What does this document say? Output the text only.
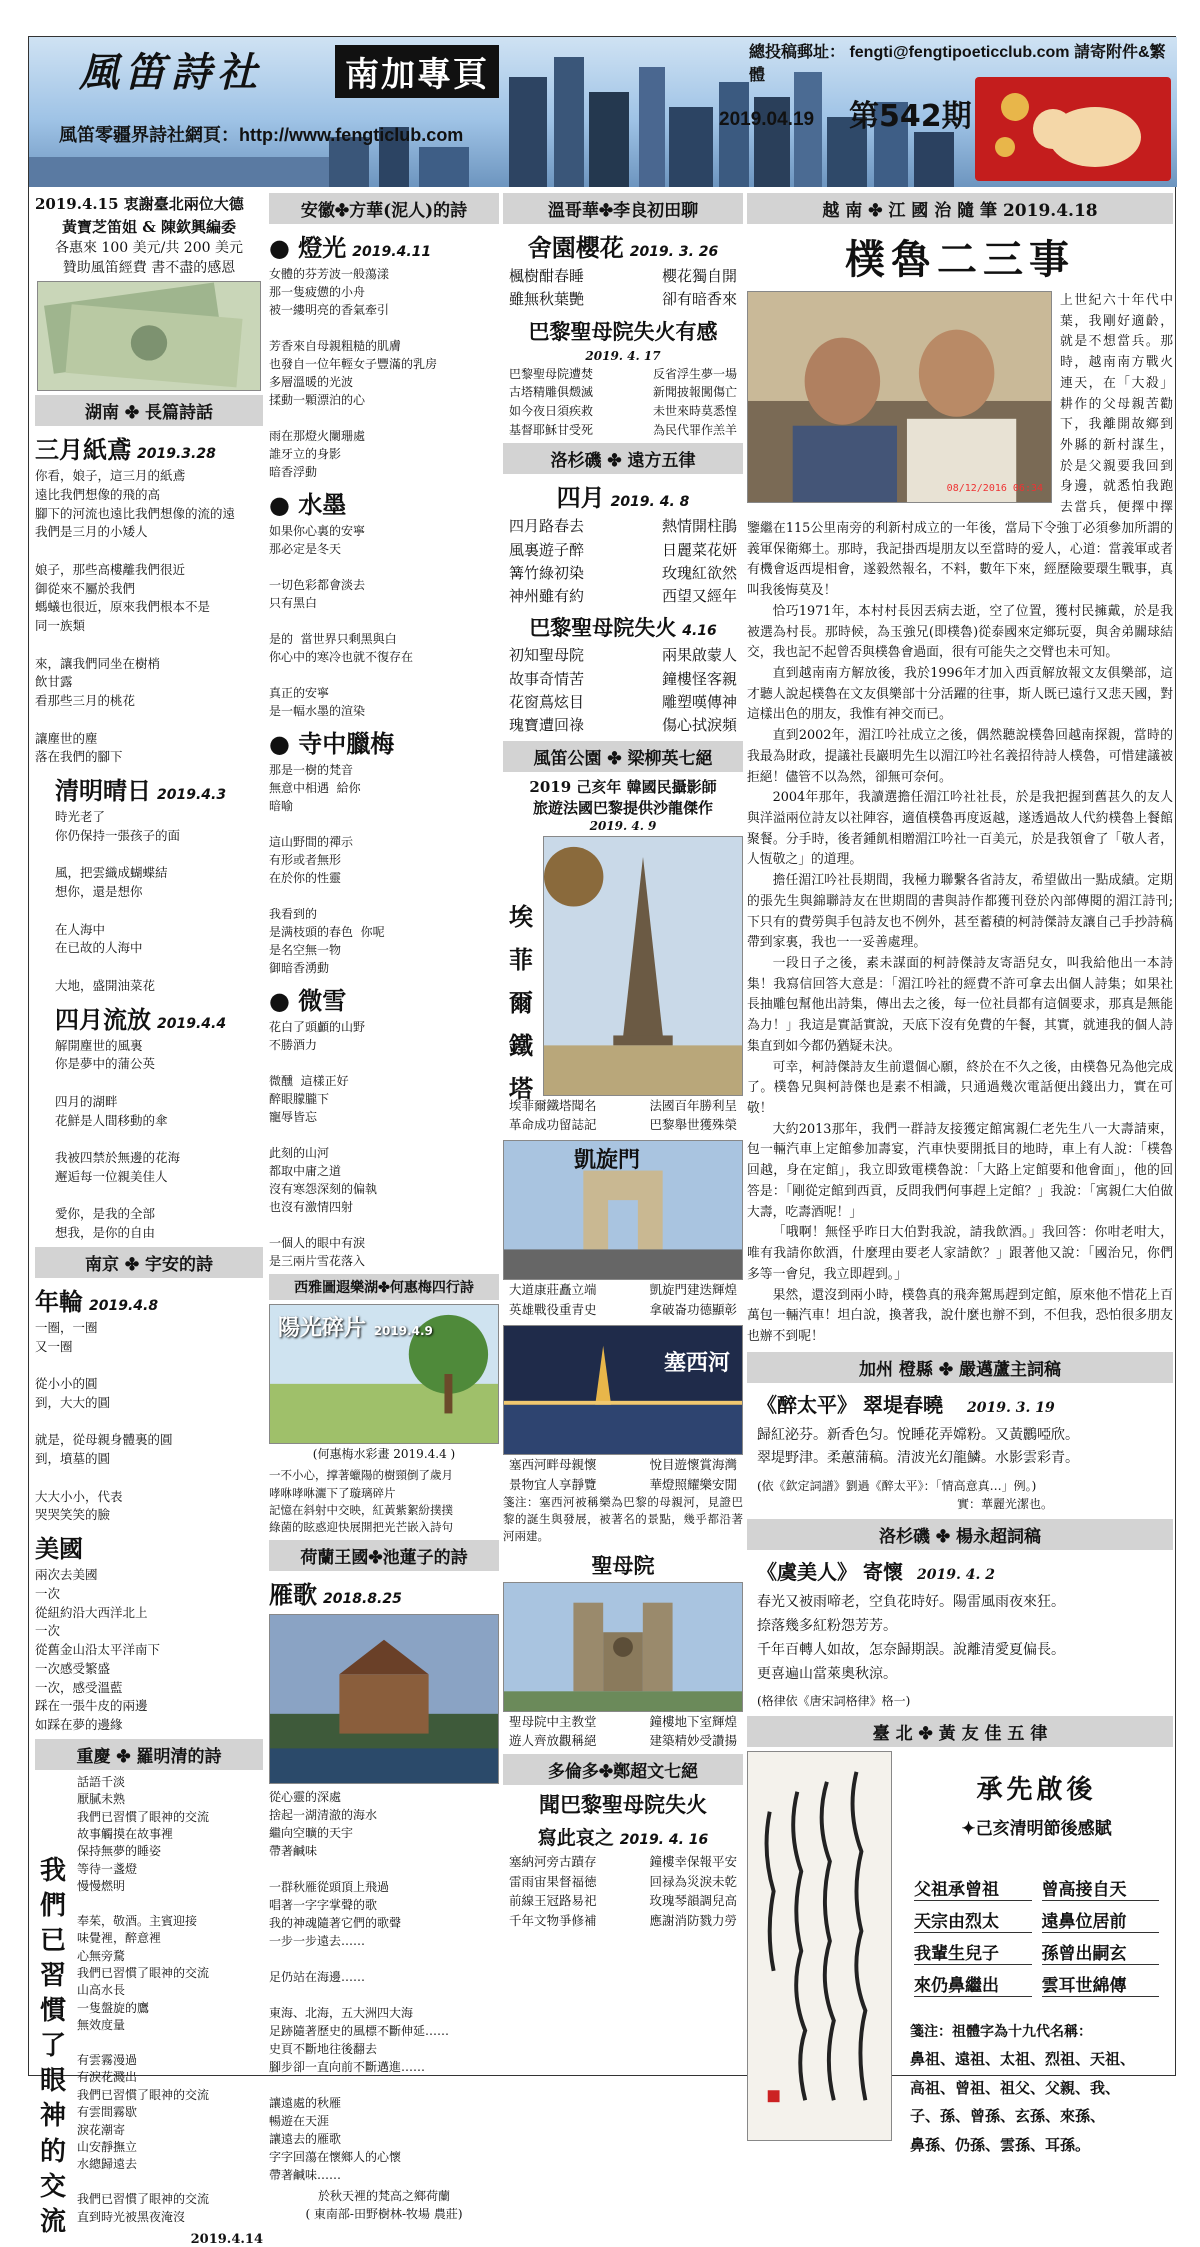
風笛詩社 南加專頁
風笛零疆界詩社網頁：http://www.fengticlub.com
總投稿郵址： fengti@fengtipoeticclub.com 請寄附件&繁體
2019.04.19 第542期
2019.4.15 衷謝臺北兩位大德
黃寶芝笛姐 & 陳欽興編委
各惠來 100 美元/共 200 美元
贊助風笛經費 書不盡的感恩
湖南 ✤ 長篇詩話
三月紙鳶 2019.3.28
你看，娘子，這三月的紙鳶
遠比我們想像的飛的高
腳下的河流也遠比我們想像的流的遠
我們是三月的小矮人

娘子，那些高樓離我們很近
御從來不屬於我們
螞蟻也很近，原來我們根本不是
同一族類

來，讓我們同坐在樹梢
飲甘露
看那些三月的桃花

讓塵世的塵
落在我們的腳下
清明晴日 2019.4.3
時光老了
你仍保持一張孩子的面

風，把雲織成蝴蝶結
想你，還是想你

在人海中
在已故的人海中

大地，盛開油菜花
四月流放 2019.4.4
解開塵世的風裏
你是夢中的蒲公英

四月的湖畔
花鮮是人間移動的傘

我被四禁於無邊的花海
邂逅每一位親美佳人

愛你，是我的全部
想我，是你的自由
南京 ✤ 宇安的詩
年輪 2019.4.8
一圈，一圈
又一圈

從小小的圓
到，大大的圓

就是，從母親身體裏的圓
到，墳墓的圓

大大小小，代表
哭哭笑笑的臉
美國
兩次去美國
一次
從紐約沿大西洋北上
一次
從舊金山沿太平洋南下
一次感受繁盛
一次，感受溫藍
踩在一張牛皮的兩邊
如踩在夢的邊緣
重慶 ✤ 羅明清的詩
我們已習慣了眼神的交流
話語千淡
厭膩未熟
我們已習慣了眼神的交流
故事觸摸在故事裡
保持無夢的睡姿
等待一盞燈
慢慢燃明

奉茱，敬酒。主賓迎接
味覺裡，醉意裡
心無旁騖
我們已習慣了眼神的交流
山高水長
一隻盤旋的鷹
無效度量

有雲霧漫過
有淚花濺出
我們已習慣了眼神的交流
有雲間霧歇
淚花潮寄
山安靜撫立
水總歸遠去

我們已習慣了眼神的交流
直到時光被黑夜淹沒
2019.4.14
安徽✤方華(泥人)的詩
● 燈光 2019.4.11
女體的芬芳波一般蕩漾
那一隻疲憊的小舟
被一縷明亮的香氣牽引

芳香來自母親粗糙的肌膚
也發自一位年輕女子豐滿的乳房
多層溫暖的光波
揉動一顆漂泊的心

雨在那燈火闌珊處
誰牙立的身影
暗香浮動
● 水墨
如果你心裏的安寧
那必定是冬天

一切色彩都會淡去
只有黑白

是的  當世界只剩黑與白
你心中的寒冷也就不復存在

真正的安寧
是一幅水墨的渲染
● 寺中臘梅
那是一樹的梵音
無意中相遇  給你
暗喻

這山野間的禪示
有形或者無形
在於你的性靈

我看到的
是满枝頭的春色  你呢
是名空無一物
御暗香湧動
● 微雪
花白了頭顱的山野
不勝酒力

微醺  這樣正好
醉眼朦朧下
寵辱皆忘

此刻的山河
都取中庸之道
沒有寒怨深刻的偏執
也沒有激情四射

一個人的眼中有淚
是三兩片雪花落入
西雅圖遐樂湖✤何惠梅四行詩
陽光碎片 2019.4.9
(何惠梅水彩畫 2019.4.4 )
一不小心，撑著蠟陽的樹頸倒了歲月
哮咻哮咻灑下了璇璃碎片
記憶在斜射中交映，紅黃紫絮紛撲撲
綠菌的眩惑迎快展開把光芒嵌入詩句
荷蘭王國✤池蓮子的詩
雁歌 2018.8.25
從心靈的深處
捨起一湖清澈的海水
繼向空曠的天宇
帶著鹹味

一群秋雁從頭頂上飛過
唱著一字字掌聲的歌
我的神魂隨著它們的歌聲
一步一步遠去……

足仍站在海邊……

東海、北海，五大洲四大海
足跡隨著歷史的風標不斷伸延……
史頁不斷地往後翻去
腳步卻一直向前不斷邁進……

讓遠處的秋雁
暢遊在天涯
讓遠去的雁歌
字字回蕩在懷鄉人的心懷
帶著鹹味……
於秋天裡的梵高之鄉荷蘭
( 東南部-田野樹林-牧場 農莊)
溫哥華✤李良初田聊
舍園櫻花 2019. 3. 26
楓樹酣春睡	櫻花獨自開
雖無秋葉艷	卻有暗香來
巴黎聖母院失火有感
2019. 4. 17
巴黎聖母院遭焚	反省浮生夢一場
古塔精雕俱燬滅	新聞披報闖傷亡
如今夜日須疾救	未世來時莫悉惶
基督耶穌甘受死	為民代罪作羔羊
洛杉磯 ✤ 遠方五律
四月 2019. 4. 8
四月路春去	熱情開柱鵑
風裏遊子醉	日麗菜花妍
篝竹綠初染	玫瑰紅欲然
神州雖有約	西望又經年
巴黎聖母院失火 4.16
初知聖母院	兩果啟蒙人
故事奇情苦	鐘樓怪客親
花窗蔦炫目	雕塑嘆傳神
瑰寶遭回祿	傷心拭淚頻
風笛公園 ✤ 梁柳英七絕
2019 己亥年 韓國民攝影師
旅遊法國巴黎提供沙龍傑作
2019. 4. 9
埃菲爾鐵塔
埃菲爾鐵塔聞名	法國百年勝利呈
革命成功留誌記	巴黎舉世獲殊榮
凱旋門
大道康莊矗立端	凱旋門建迭輝煌
英雄戰役重青史	拿破崙功德顯彰
塞西河
塞西河畔母親懷	悅目遊懷賞海灣
景物宜人享靜覽	華燈照耀樂安閒
箋注：塞西河被稱樂為巴黎的母親河，見證巴黎的誕生與發展，被著名的景點，幾乎都沿著河兩建。
聖母院
聖母院中主教堂	鐘樓地下室輝煌
遊人齊放觀稱絕	建築精妙受讚揚
多倫多✤鄭超文七絕
聞巴黎聖母院失火
寫此哀之 2019. 4. 16
塞納河旁古蹟存	鐘樓幸保報平安
雷雨宙果督福徳	回禄為災淚未乾
前線王冠路易祀	玫瑰琴韻調兒高
千年文物爭修補	應謝消防戮力勞
越 南 ✤ 江 國 治 隨 筆 2019.4.18
樸魯二三事
08/12/2016 06:34

上世紀六十年代中葉，我剛好適齡，就是不想當兵。那時，越南南方戰火連天，在「大殺」耕作的父母親苦勸下，我離開故鄉到外縣的新村謀生，於是父親要我回到身邊，就悉怕我跑去當兵，便擇中擇鑒繼在115公里南旁的利新村成立的一年後，當局下令強丁必須參加所謂的義軍保衛鄉土。那時，我記掛西堤朋友以至當時的爱人，心道：當義軍或者有機會返西堤相會，遂毅然報名，不料，數年下來，經歷險要環生戰事，真叫我後悔莫及！

恰巧1971年，本村村長因丟病去逝，空了位置，獲村民擁戴，於是我被選為村長。那時候，為玉強兄(即樸魯)從泰國來定鄉玩耍，與舍弟關球結交，我也記不起曾否與樸魯會過面，很有可能失之交臂也未可知。

直到越南南方解放後，我於1996年才加入西貢解放報文友俱樂部，這才聽人說起樸魯在文友俱樂部十分活躍的往事，斯人既已遠行又悲天國，對這樣出色的朋友，我惟有神交而已。

直到2002年，湄江吟社成立之後，偶然聽說樸魯回越南探親，當時的我最為財政，提議社長巖明先生以湄江吟社名義招待詩人樸魯，可惜建議被拒絕！儘管不以為然，卻無可奈何。

2004年那年，我讀選擔任湄江吟社社長，於是我把握到舊甚久的友人與洋溢兩位詩友以社陣容，適值樸魯再度返越，遂透過故人代約樸魯上餐館聚餐。分手時，後者鍾飢相贈湄江吟社一百美元，於是我領會了「敬人者，人恆敬之」的道理。

擔任湄江吟社長期間，我極力聯繫各省詩友，希望做出一點成績。定期的張先生與錦聯詩友在世期間的書與詩作都獲刊登於內部傳閱的湄江詩刊;下只有的費勞與手包詩友也不例外，甚至蓄積的柯詩傑詩友讓自己手抄詩稿帶到家裏，我也一一妥善處理。

一段日子之後，素未謀面的柯詩傑詩友寄語兒女，叫我給他出一本詩集！我寫信回答大意是：「湄江吟社的經費不許可拿去出個人詩集；如果社長抽雕包幫他出詩集，傳出去之後，每一位社員都有這個要求，那真是無能為力！」我這是實話實說，天底下沒有免費的午餐，其實，就連我的個人詩集直到如今都仍猶疑未決。

可幸，柯詩傑詩友生前還個心願，終於在不久之後，由樸魯兄為他完成了。樸魯兄與柯詩傑也是素不相識，只通過幾次電話便出錢出力，實在可敬！

大約2013那年，我們一群詩友接獲定館寓親仁老先生八一大壽請柬，包一輛汽車上定館參加壽宴，汽車快要開抵目的地時，車上有人說：「樸魯回越，身在定館」，我立即致電樸魯說：「大路上定館要和他會面」，他的回答是：「剛從定館到西貢，反問我們何事趕上定館？」我說：「寓親仁大伯做大壽，吃壽酒呢！」

「哦啊！無怪乎昨日大伯對我說，請我飲酒。」我回答：你咁老咁大，唯有我請你飲酒，什麼理由要老人家請飲？」跟著他又說：「國治兄，你們多等一會兒，我立即趕到。」

果然，還沒到兩小時，樸魯真的飛奔駕馬趕到定館，原來他不惜花上百萬包一輛汽車！坦白說，換著我，說什麼也辦不到，不但我，恐怕很多朋友也辦不到呢！

加州 橙縣 ✤ 嚴邁蘆主詞稿
《醉太平》 翠堤春曉 2019. 3. 19
歸紅泌芬。新香色匀。悅睡花弄嫦粉。又黃鸝啞欣。
翠堤野津。柔蕙蒲稿。清波光幻龍鱗。水影雲彩青。
(依《欽定詞譜》劉過《醉太平》：「情高意真…」例。)
實：華麗光潔也。
洛杉磯 ✤ 楊永超詞稿
《虞美人》 寄懷 2019. 4. 2
春光又被雨啼老，空負花時好。陽雷風雨夜來狂。
捺落幾多紅粉怨芳芳。
千年百轉人如故，怎奈歸期誤。說離清愛夏偏長。
更喜遍山當萊奧秋涼。
(格律依《唐宋詞格律》格一)
臺 北 ✤ 黃 友 佳 五 律
承先啟後
✦己亥清明節後感賦
父祖承曾祖	曾高接自天
天宗由烈太	遠鼻位居前
我輩生兒子	孫曾出嗣玄
來仍鼻繼出	雲耳世綿傳
箋注：祖體字為十九代名稱：
鼻祖、遠祖、太祖、烈祖、天祖、
高祖、曾祖、祖父、父親、我、
子、孫、曾孫、玄孫、來孫、
鼻孫、仍孫、雲孫、耳孫。
